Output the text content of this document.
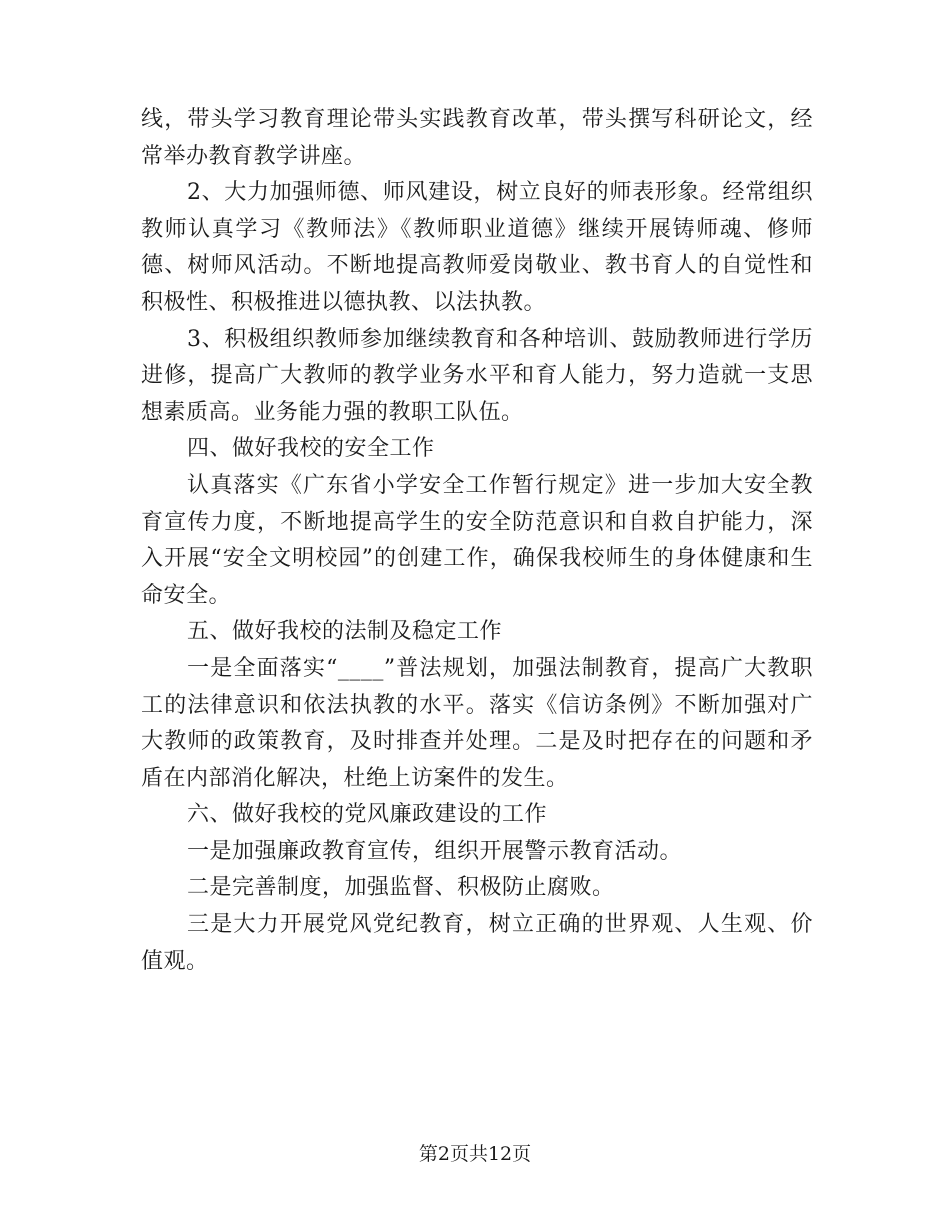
线，带头学习教育理论带头实践教育改革，带头撰写科研论文，经常举办教育教学讲座。

2、大力加强师德、师风建设，树立良好的师表形象。经常组织教师认真学习《教师法》《教师职业道德》继续开展铸师魂、修师德、树师风活动。不断地提高教师爱岗敬业、教书育人的自觉性和积极性、积极推进以德执教、以法执教。

3、积极组织教师参加继续教育和各种培训、鼓励教师进行学历进修，提高广大教师的教学业务水平和育人能力，努力造就一支思想素质高。业务能力强的教职工队伍。

四、做好我校的安全工作

认真落实《广东省小学安全工作暂行规定》进一步加大安全教育宣传力度，不断地提高学生的安全防范意识和自救自护能力，深入开展“安全文明校园”的创建工作，确保我校师生的身体健康和生命安全。

五、做好我校的法制及稳定工作

一是全面落实“____”普法规划，加强法制教育，提高广大教职工的法律意识和依法执教的水平。落实《信访条例》不断加强对广大教师的政策教育，及时排查并处理。二是及时把存在的问题和矛盾在内部消化解决，杜绝上访案件的发生。

六、做好我校的党风廉政建设的工作

一是加强廉政教育宣传，组织开展警示教育活动。

二是完善制度，加强监督、积极防止腐败。

三是大力开展党风党纪教育，树立正确的世界观、人生观、价值观。

第2页共12页
